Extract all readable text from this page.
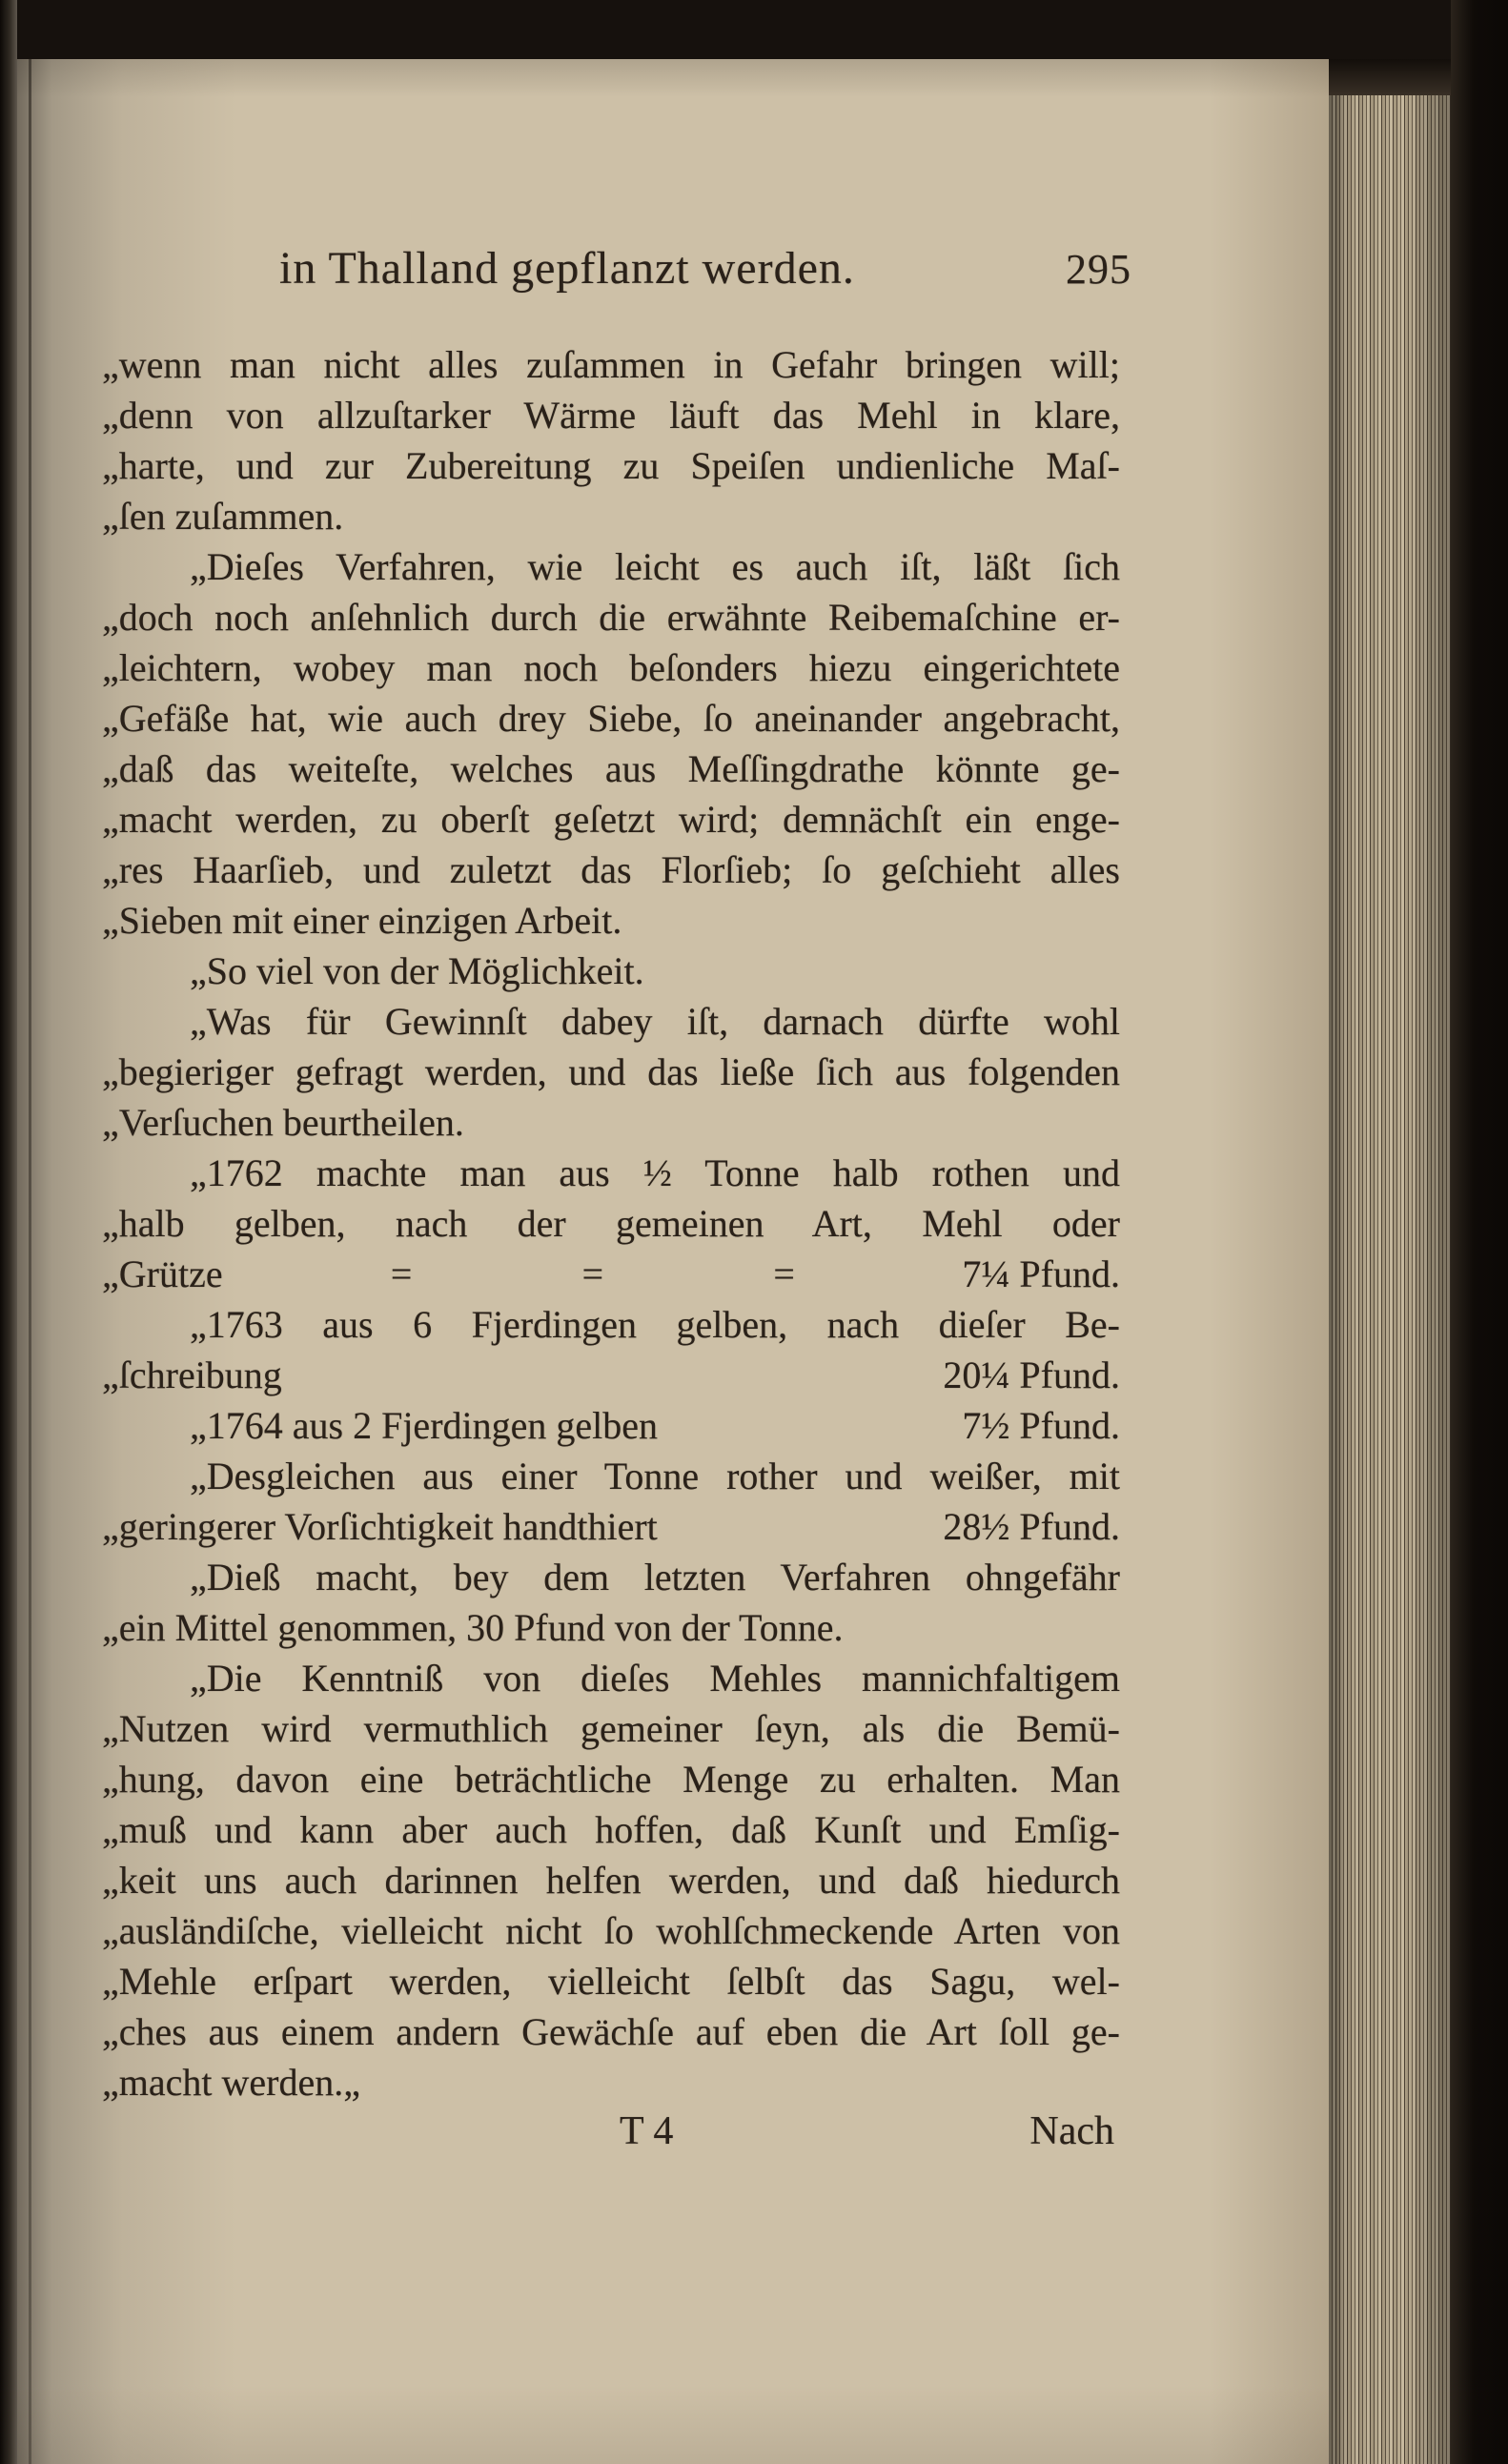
in Thalland gepflanzt werden.	295
„wenn man nicht alles zuſammen in Gefahr bringen will;
„denn von allzuſtarker Wärme läuft das Mehl in klare,
„harte, und zur Zubereitung zu Speiſen undienliche Maſ-
„ſen zuſammen.
„Dieſes Verfahren, wie leicht es auch iſt, läßt ſich
„doch noch anſehnlich durch die erwähnte Reibemaſchine er-
„leichtern, wobey man noch beſonders hiezu eingerichtete
„Gefäße hat, wie auch drey Siebe, ſo aneinander angebracht,
„daß das weiteſte, welches aus Meſſingdrathe könnte ge-
„macht werden, zu oberſt geſetzt wird; demnächſt ein enge-
„res Haarſieb, und zuletzt das Florſieb; ſo geſchieht alles
„Sieben mit einer einzigen Arbeit.
„So viel von der Möglichkeit.
„Was für Gewinnſt dabey iſt, darnach dürfte wohl
„begieriger gefragt werden, und das ließe ſich aus folgenden
„Verſuchen beurtheilen.
„1762 machte man aus ½ Tonne halb rothen und
„halb gelben, nach der gemeinen Art, Mehl oder
„Grütze	=	=	=	7¼ Pfund.
„1763 aus 6 Fjerdingen gelben, nach dieſer Be-
„ſchreibung	20¼ Pfund.
„1764 aus 2 Fjerdingen gelben	7½ Pfund.
„Desgleichen aus einer Tonne rother und weißer, mit
„geringerer Vorſichtigkeit handthiert	28½ Pfund.
„Dieß macht, bey dem letzten Verfahren ohngefähr
„ein Mittel genommen, 30 Pfund von der Tonne.
„Die Kenntniß von dieſes Mehles mannichfaltigem
„Nutzen wird vermuthlich gemeiner ſeyn, als die Bemü-
„hung, davon eine beträchtliche Menge zu erhalten. Man
„muß und kann aber auch hoffen, daß Kunſt und Emſig-
„keit uns auch darinnen helfen werden, und daß hiedurch
„ausländiſche, vielleicht nicht ſo wohlſchmeckende Arten von
„Mehle erſpart werden, vielleicht ſelbſt das Sagu, wel-
„ches aus einem andern Gewächſe auf eben die Art ſoll ge-
„macht werden.„
T 4	Nach
